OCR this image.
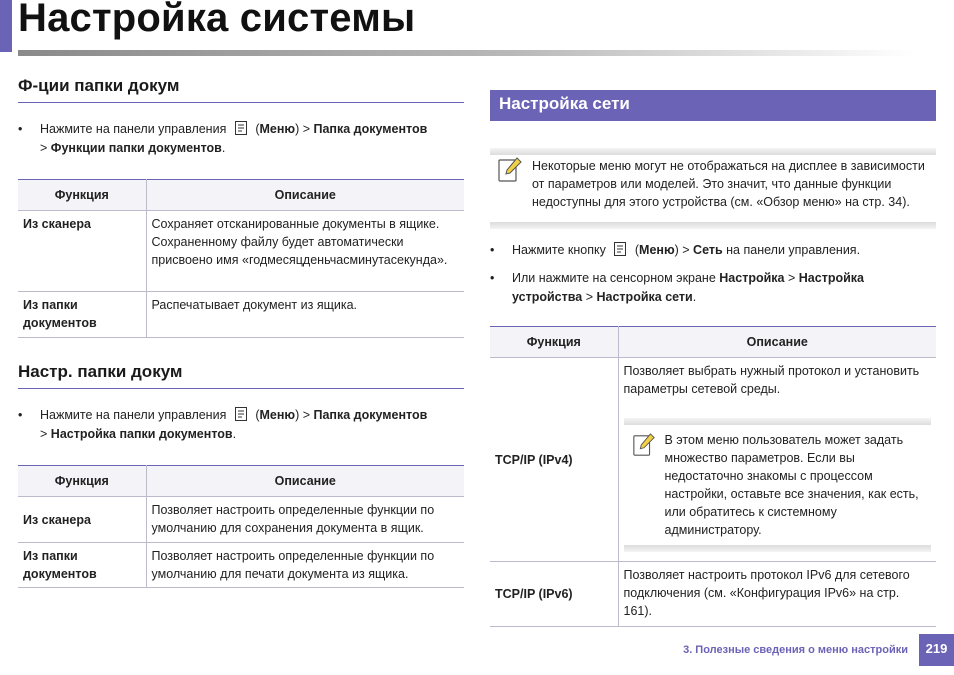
Настройка системы
Ф-ции папки докум
• Нажмите на панели управления (Меню) > Папка документов
> Функции папки документов.
Функция	Описание
Из сканера	Сохраняет отсканированные документы в ящике. Сохраненному файлу будет автоматически присвоено имя «годмесяцденьчасминутасекунда».
Из папки документов	Распечатывает документ из ящика.
Настр. папки докум
• Нажмите на панели управления (Меню) > Папка документов
> Настройка папки документов.
Функция	Описание
Из сканера	Позволяет настроить определенные функции по умолчанию для сохранения документа в ящик.
Из папки документов	Позволяет настроить определенные функции по умолчанию для печати документа из ящика.
Настройка сети
Некоторые меню могут не отображаться на дисплее в зависимости от параметров или моделей. Это значит, что данные функции недоступны для этого устройства (см. «Обзор меню» на стр. 34).
• Нажмите кнопку (Меню) > Сеть на панели управления.
• Или нажмите на сенсорном экране Настройка > Настройка устройства > Настройка сети.
Функция	Описание
TCP/IP (IPv4)	Позволяет выбрать нужный протокол и установить параметры сетевой среды.
В этом меню пользователь может задать множество параметров. Если вы недостаточно знакомы с процессом настройки, оставьте все значения, как есть, или обратитесь к системному администратору.

TCP/IP (IPv6)	Позволяет настроить протокол IPv6 для сетевого подключения (см. «Конфигурация IPv6» на стр. 161).
3. Полезные сведения о меню настройки	219
